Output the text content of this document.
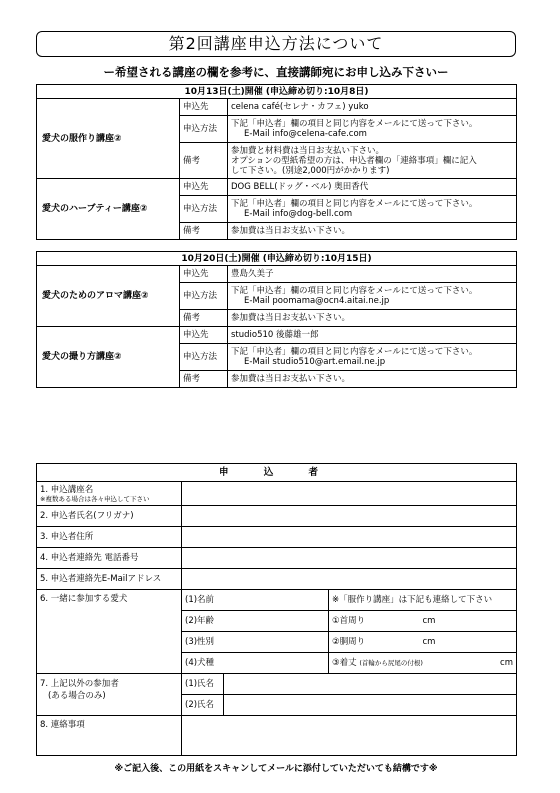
第2回講座申込方法について
ー希望される講座の欄を参考に、直接講師宛にお申し込み下さいー
10月13日(土)開催 (申込締め切り:10月8日)		
愛犬の服作り講座②	申込先	celena café(セレナ・カフェ) yuko

	申込方法	下記「申込者」欄の項目と同じ内容をメールにて送って下さい。
E-Mail info@celena-cafe.com

	備考	参加費と材料費は当日お支払い下さい。
オプションの型紙希望の方は、申込者欄の「連絡事項」欄に記入
して下さい。(別途2,000円がかかります)

愛犬のハーブティー講座②	申込先	DOG BELL(ドッグ・ベル) 奥田香代

	申込方法	下記「申込者」欄の項目と同じ内容をメールにて送って下さい。
E-Mail info@dog-bell.com

	備考	参加費は当日お支払い下さい。

10月20日(土)開催 (申込締め切り:10月15日)		
愛犬のためのアロマ講座②	申込先	豊島久美子

	申込方法	下記「申込者」欄の項目と同じ内容をメールにて送って下さい。
E-Mail poomama@ocn4.aitai.ne.jp

	備考	参加費は当日お支払い下さい。

愛犬の撮り方講座②	申込先	studio510 後藤雄一郎

	申込方法	下記「申込者」欄の項目と同じ内容をメールにて送って下さい。
E-Mail studio510@art.email.ne.jp

	備考	参加費は当日お支払い下さい。
申 込 者				
1. 申込講座名
※複数ある場合は各々申込して下さい				

2. 申込者氏名(フリガナ)				
3. 申込者住所				
4. 申込者連絡先 電話番号				
5. 申込者連絡先E-Mailアドレス				
6. 一緒に参加する愛犬	(1)名前		※「服作り講座」は下記も連絡して下さい	
	(2)年齢		①首周り	cm
	(3)性別		②胴周り	cm
	(4)犬種		③着丈 (首輪から尻尾の付根) cm	

7. 上記以外の参加者
(ある場合のみ)	(1)氏名			
	(2)氏名			
8. 連絡事項				
※ご記入後、この用紙をスキャンしてメールに添付していただいても結構です※
